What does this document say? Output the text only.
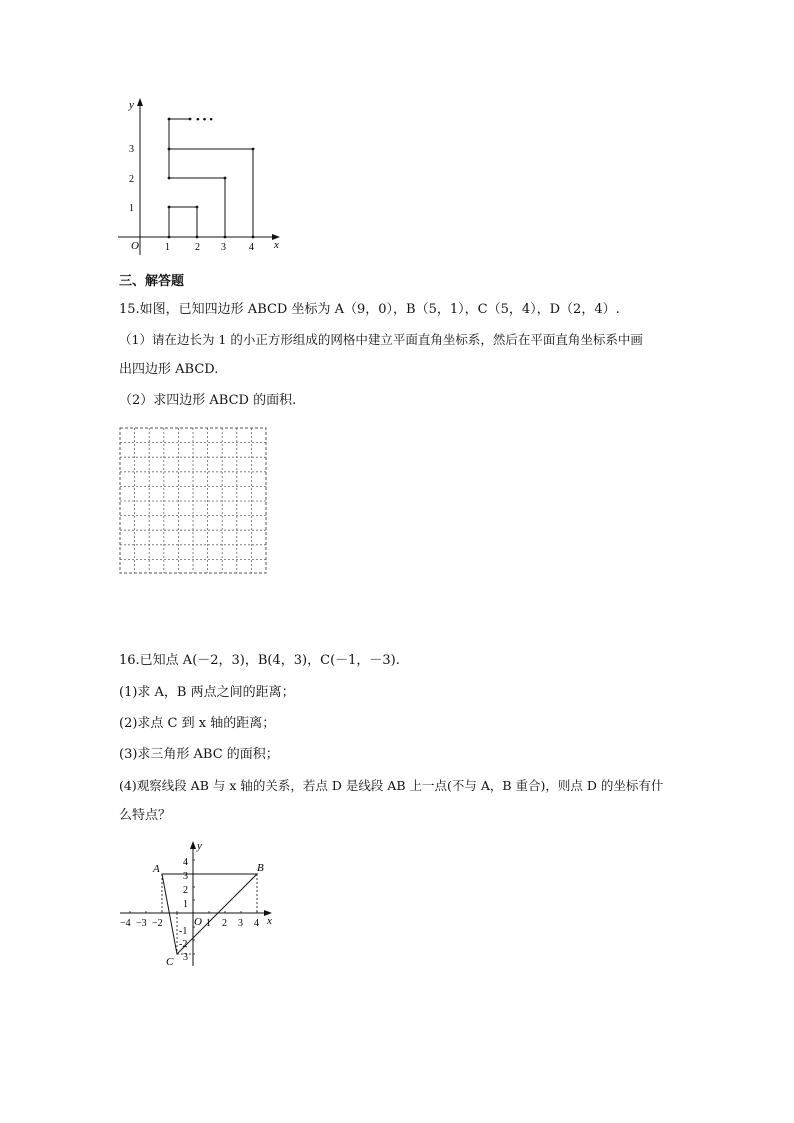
y
x
O	1	2 3 4
1
2
3
• • •
三、解答题
15.如图，已知四边形 ABCD 坐标为 A（9，0），B（5，1），C（5，4），D（2，4）.
（1）请在边长为 1 的小正方形组成的网格中建立平面直角坐标系，然后在平面直角坐标系中画
出四边形 ABCD.
（2）求四边形 ABCD 的面积.
16.已知点 A(－2，3)，B(4，3)，C(－1，－3).
(1)求 A，B 两点之间的距离；
(2)求点 C 到 x 轴的距离；
(3)求三角形 ABC 的面积；
(4)观察线段 AB 与 x 轴的关系，若点 D 是线段 AB 上一点(不与 A，B 重合)，则点 D 的坐标有什
么特点？
y
x
O
A	B
C
−4 −3 −2	1 2 3 4
1
2
3
4
-1
-2
3
